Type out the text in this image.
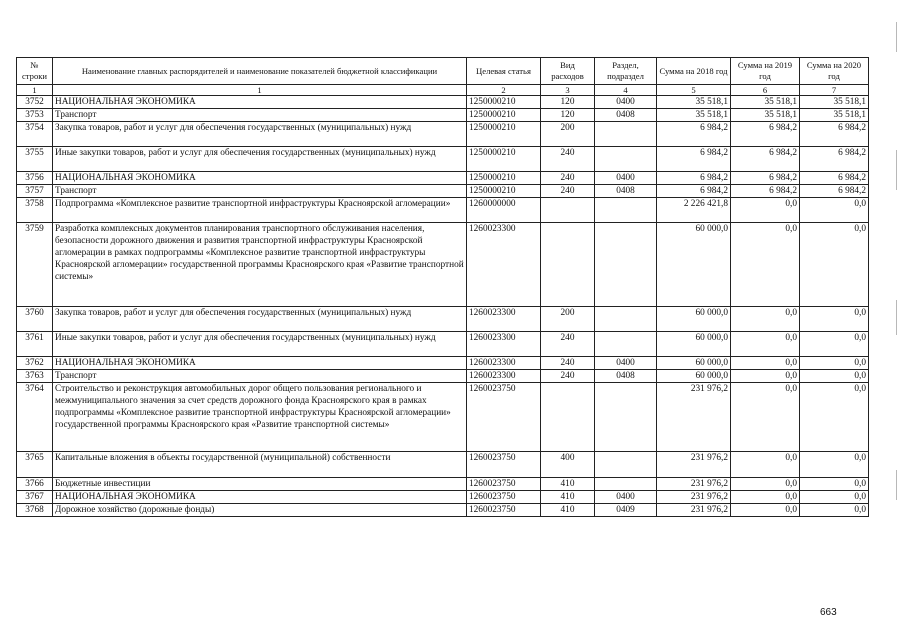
№ строки	Наименование главных распорядителей и наименование показателей бюджетной классификации	Целевая статья	Вид расходов	Раздел, подраздел	Сумма на 2018 год	Сумма на 2019 год	Сумма на 2020 год
1	1	2	3	4	5	6	7
3752	НАЦИОНАЛЬНАЯ ЭКОНОМИКА	1250000210	120	0400	35 518,1	35 518,1	35 518,1
3753	Транспорт	1250000210	120	0408	35 518,1	35 518,1	35 518,1
3754	Закупка товаров, работ и услуг для обеспечения государственных (муниципальных) нужд	1250000210	200		6 984,2	6 984,2	6 984,2
3755	Иные закупки товаров, работ и услуг для обеспечения государственных (муниципальных) нужд	1250000210	240		6 984,2	6 984,2	6 984,2
3756	НАЦИОНАЛЬНАЯ ЭКОНОМИКА	1250000210	240	0400	6 984,2	6 984,2	6 984,2
3757	Транспорт	1250000210	240	0408	6 984,2	6 984,2	6 984,2
3758	Подпрограмма «Комплексное развитие транспортной инфраструктуры Красноярской агломерации»	1260000000			2 226 421,8	0,0	0,0
3759	Разработка комплексных документов планирования транспортного обслуживания населения, безопасности дорожного движения и развития транспортной инфраструктуры Красноярской агломерации в рамках подпрограммы «Комплексное развитие транспортной инфраструктуры Красноярской агломерации» государственной программы Красноярского края «Развитие транспортной системы»	1260023300			60 000,0	0,0	0,0
3760	Закупка товаров, работ и услуг для обеспечения государственных (муниципальных) нужд	1260023300	200		60 000,0	0,0	0,0
3761	Иные закупки товаров, работ и услуг для обеспечения государственных (муниципальных) нужд	1260023300	240		60 000,0	0,0	0,0
3762	НАЦИОНАЛЬНАЯ ЭКОНОМИКА	1260023300	240	0400	60 000,0	0,0	0,0
3763	Транспорт	1260023300	240	0408	60 000,0	0,0	0,0
3764	Строительство и реконструкция автомобильных дорог общего пользования регионального и межмуниципального значения за счет средств дорожного фонда Красноярского края в рамках подпрограммы «Комплексное развитие транспортной инфраструктуры Красноярской агломерации» государственной программы Красноярского края «Развитие транспортной системы»	1260023750			231 976,2	0,0	0,0
3765	Капитальные вложения в объекты государственной (муниципальной) собственности	1260023750	400		231 976,2	0,0	0,0
3766	Бюджетные инвестиции	1260023750	410		231 976,2	0,0	0,0
3767	НАЦИОНАЛЬНАЯ ЭКОНОМИКА	1260023750	410	0400	231 976,2	0,0	0,0
3768	Дорожное хозяйство (дорожные фонды)	1260023750	410	0409	231 976,2	0,0	0,0
663
